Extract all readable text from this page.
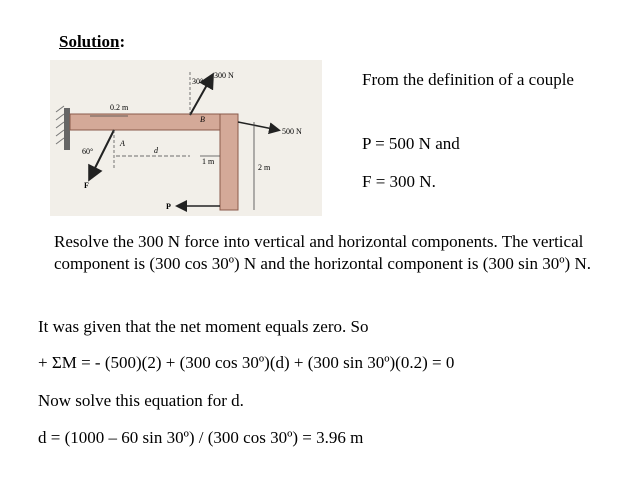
Solution:
300 N
30°
B
500 N
0.2 m
60°
A
F
d
1 m
2 m
P
From the definition of a couple
P = 500 N and
F = 300 N.
Resolve the 300 N force into vertical and horizontal components. The vertical component is (300 cos 30º) N and the horizontal component is (300 sin 30º) N.
It was given that the net moment equals zero. So
+ ΣM = - (500)(2) + (300 cos 30º)(d) + (300 sin 30º)(0.2) = 0
Now solve this equation for d.
d = (1000 – 60 sin 30º) / (300 cos 30º) = 3.96 m
